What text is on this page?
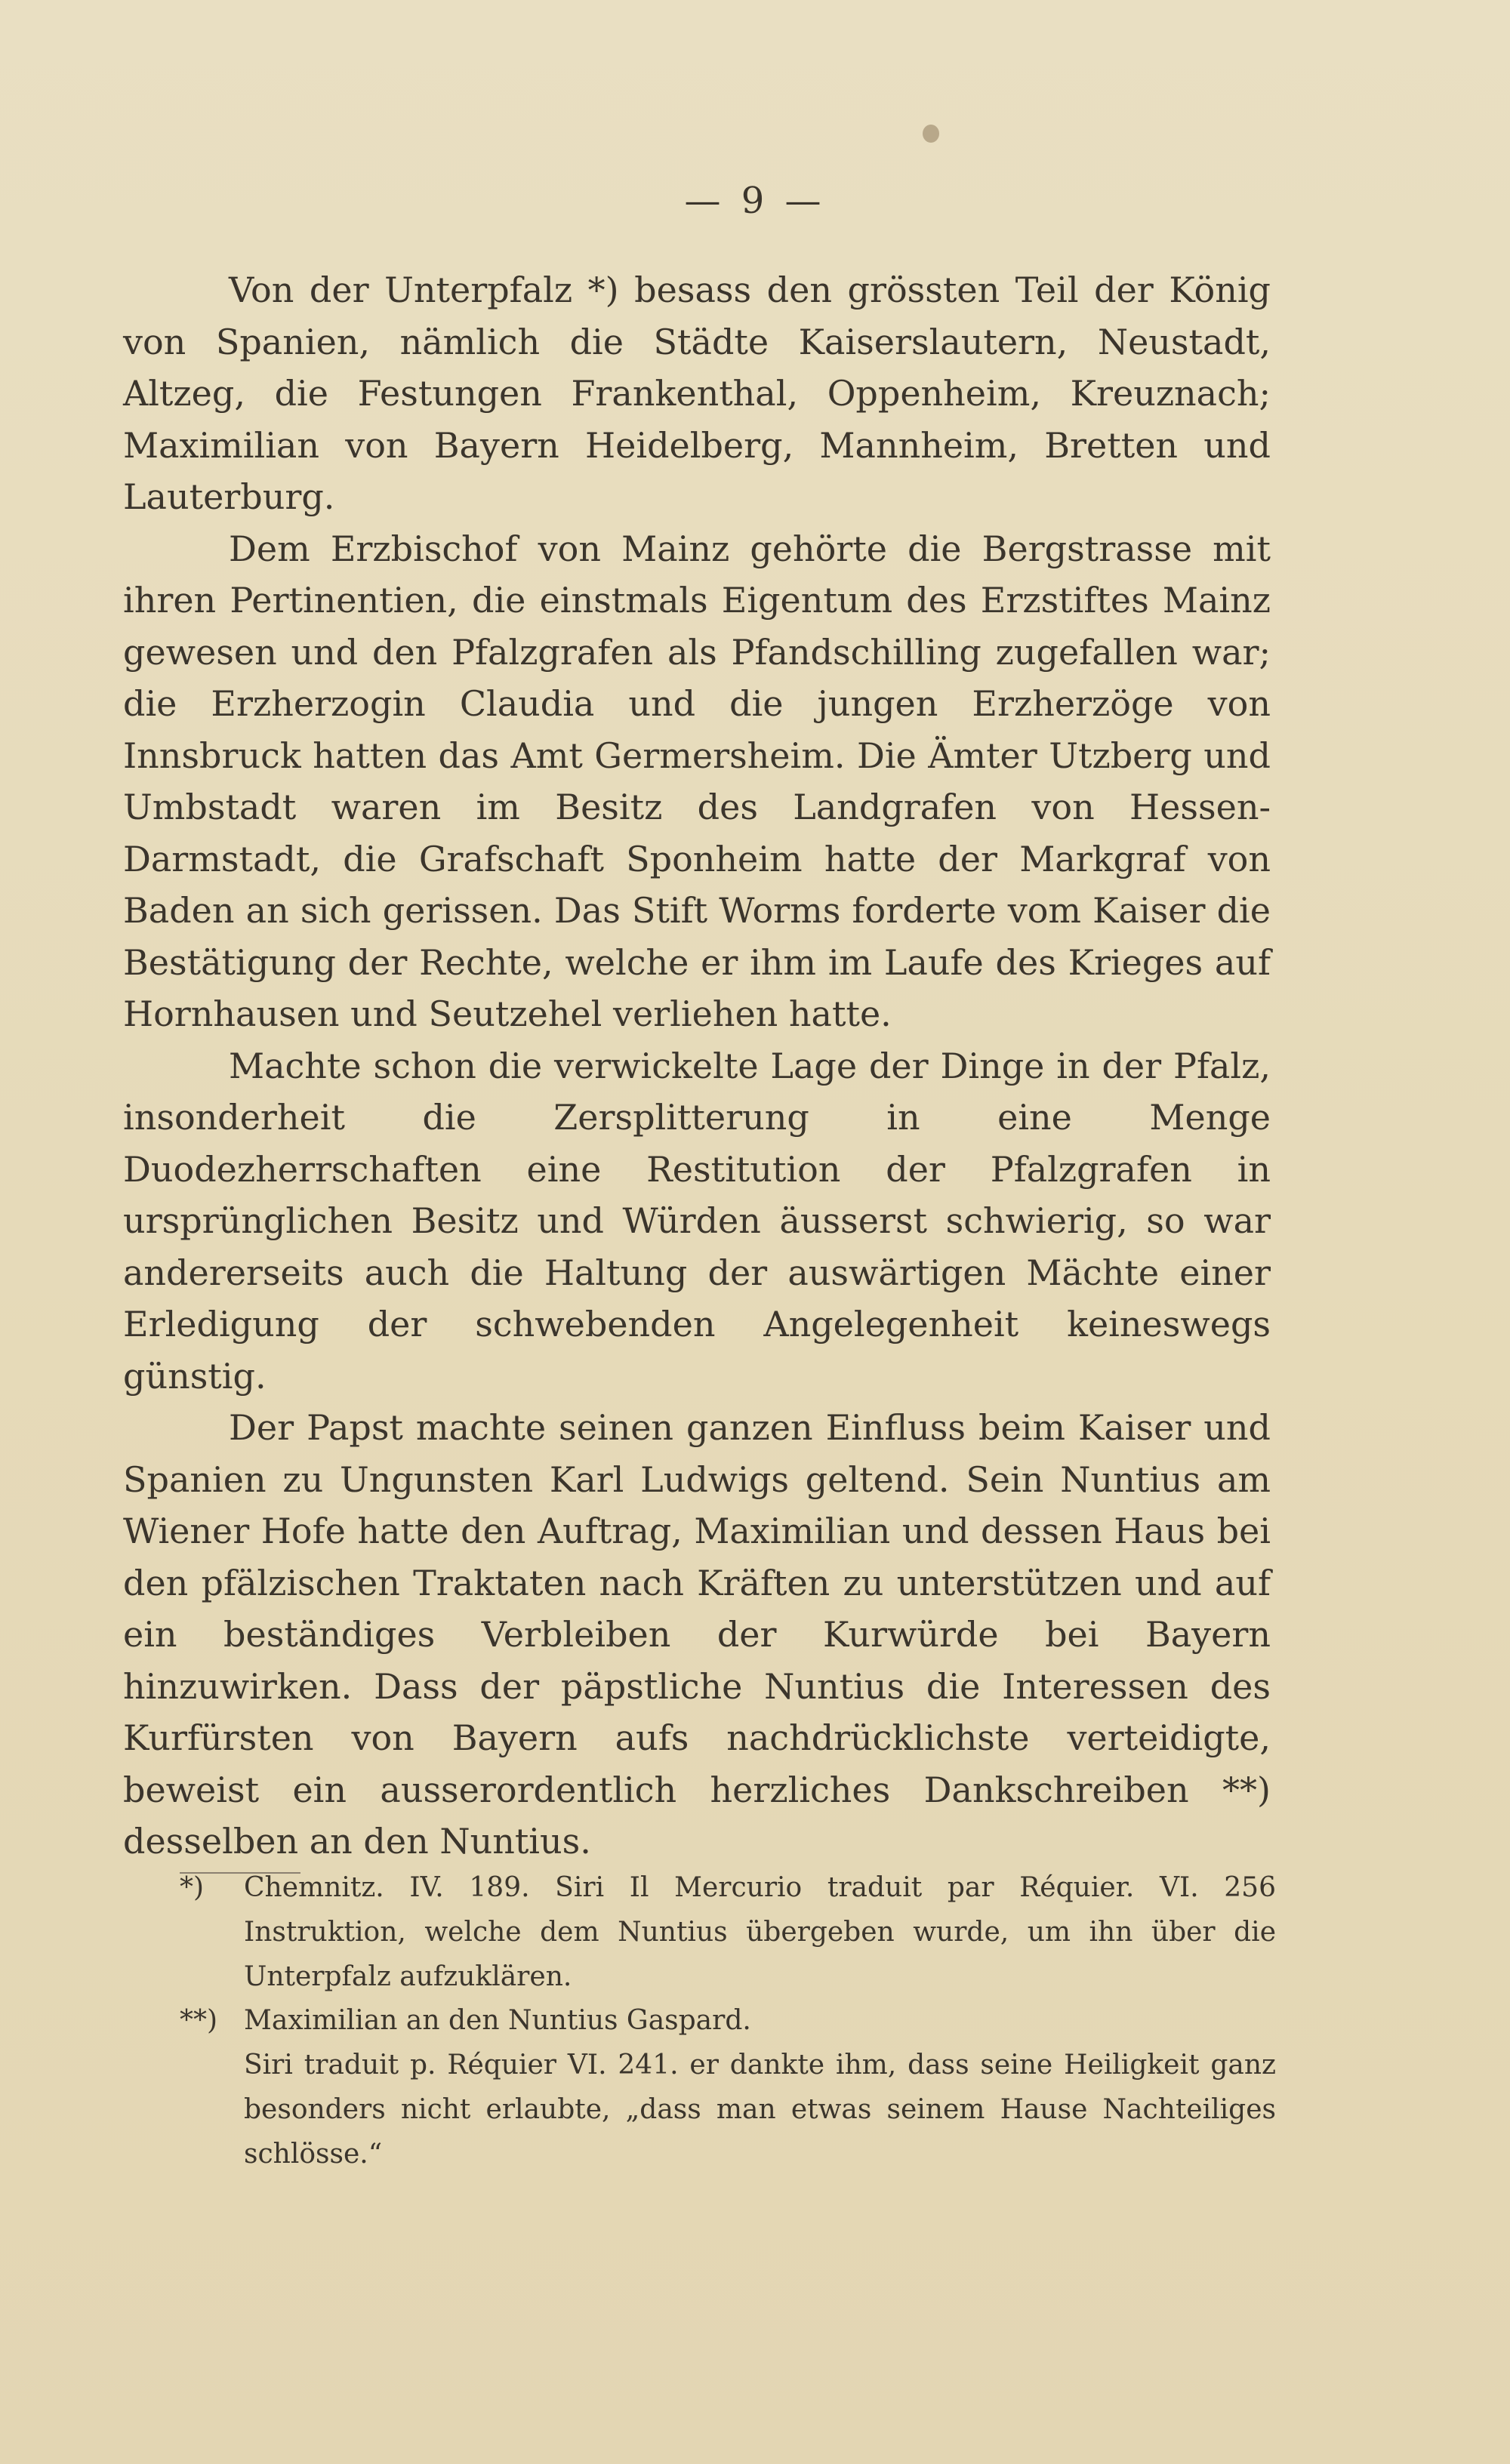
— 9 —

Von der Unterpfalz *) besass den grössten Teil der König von Spanien, nämlich die Städte Kaiserslautern, Neustadt, Altzeg, die Festungen Frankenthal, Oppenheim, Kreuznach; Maximilian von Bayern Heidelberg, Mannheim, Bretten und Lauterburg.

Dem Erzbischof von Mainz gehörte die Bergstrasse mit ihren Pertinentien, die einstmals Eigentum des Erzstiftes Mainz gewesen und den Pfalzgrafen als Pfandschilling zugefallen war; die Erzherzogin Claudia und die jungen Erzherzöge von Innsbruck hatten das Amt Germersheim. Die Ämter Utzberg und Umbstadt waren im Besitz des Landgrafen von Hessen-Darmstadt, die Grafschaft Sponheim hatte der Markgraf von Baden an sich gerissen. Das Stift Worms forderte vom Kaiser die Bestätigung der Rechte, welche er ihm im Laufe des Krieges auf Hornhausen und Seutzehel verliehen hatte.

Machte schon die verwickelte Lage der Dinge in der Pfalz, insonderheit die Zersplitterung in eine Menge Duodezherrschaften eine Restitution der Pfalzgrafen in ursprünglichen Besitz und Würden äusserst schwierig, so war andererseits auch die Haltung der auswärtigen Mächte einer Erledigung der schwebenden Angelegenheit keineswegs günstig.

Der Papst machte seinen ganzen Einfluss beim Kaiser und Spanien zu Ungunsten Karl Ludwigs geltend. Sein Nuntius am Wiener Hofe hatte den Auftrag, Maximilian und dessen Haus bei den pfälzischen Traktaten nach Kräften zu unterstützen und auf ein beständiges Verbleiben der Kurwürde bei Bayern hinzuwirken. Dass der päpstliche Nuntius die Interessen des Kurfürsten von Bayern aufs nachdrücklichste verteidigte, beweist ein ausserordentlich herzliches Dankschreiben **) desselben an den Nuntius.

*) Chemnitz. IV. 189. Siri Il Mercurio traduit par Réquier. VI. 256 Instruktion, welche dem Nuntius übergeben wurde, um ihn über die Unterpfalz aufzuklären.
**) Maximilian an den Nuntius Gaspard.
Siri traduit p. Réquier VI. 241. er dankte ihm, dass seine Heiligkeit ganz besonders nicht erlaubte, „dass man etwas seinem Hause Nachteiliges schlösse.“
